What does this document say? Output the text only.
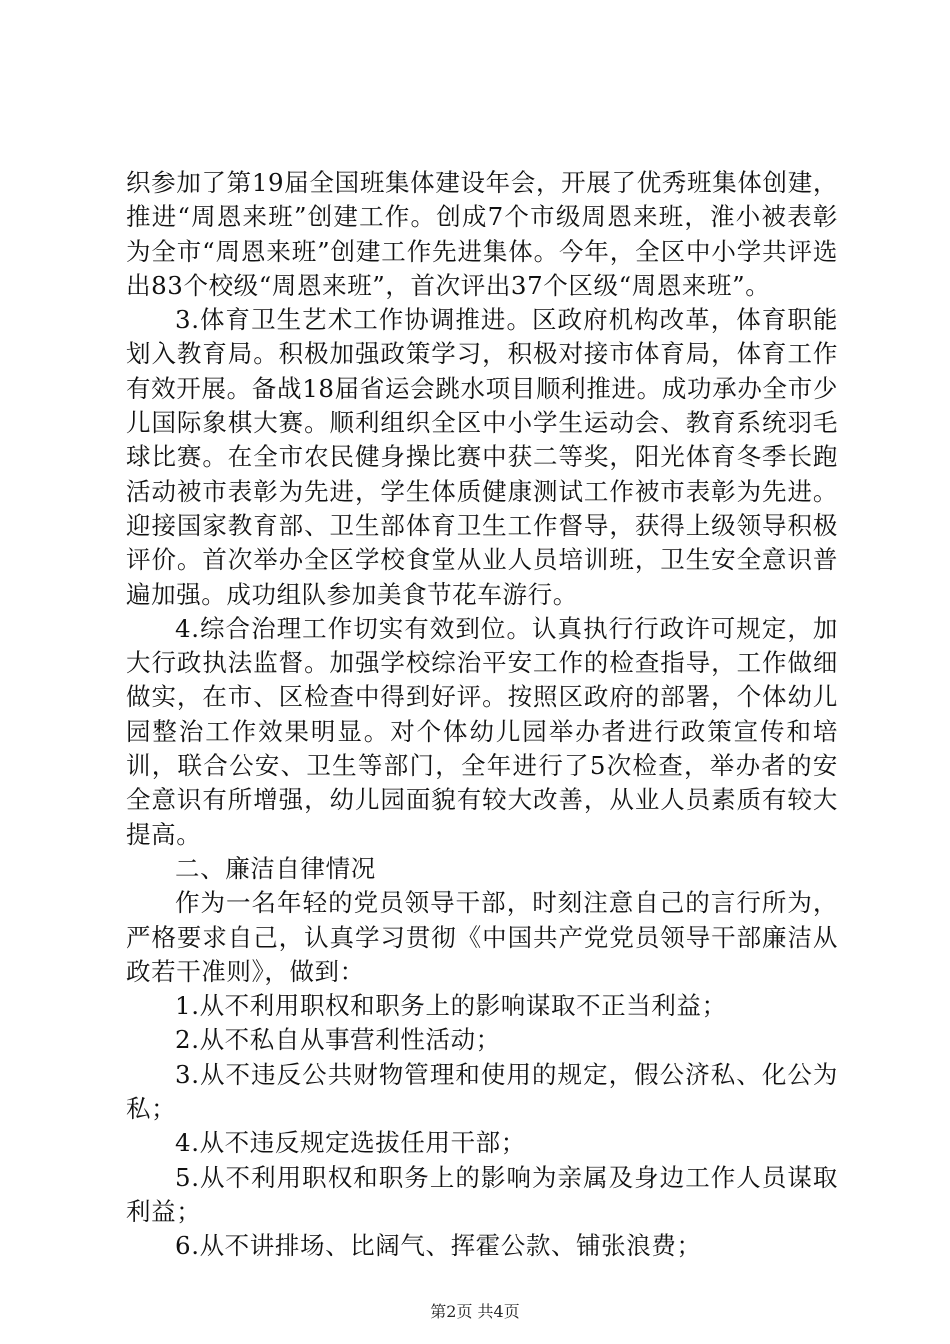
织参加了第19届全国班集体建设年会，开展了优秀班集体创建，推进“周恩来班”创建工作。创成7个市级周恩来班，淮小被表彰为全市“周恩来班”创建工作先进集体。今年，全区中小学共评选出83个校级“周恩来班”，首次评出37个区级“周恩来班”。

3.体育卫生艺术工作协调推进。区政府机构改革，体育职能划入教育局。积极加强政策学习，积极对接市体育局，体育工作有效开展。备战18届省运会跳水项目顺利推进。成功承办全市少儿国际象棋大赛。顺利组织全区中小学生运动会、教育系统羽毛球比赛。在全市农民健身操比赛中获二等奖，阳光体育冬季长跑活动被市表彰为先进，学生体质健康测试工作被市表彰为先进。迎接国家教育部、卫生部体育卫生工作督导，获得上级领导积极评价。首次举办全区学校食堂从业人员培训班，卫生安全意识普遍加强。成功组队参加美食节花车游行。

4.综合治理工作切实有效到位。认真执行行政许可规定，加大行政执法监督。加强学校综治平安工作的检查指导，工作做细做实，在市、区检查中得到好评。按照区政府的部署，个体幼儿园整治工作效果明显。对个体幼儿园举办者进行政策宣传和培训，联合公安、卫生等部门，全年进行了5次检查，举办者的安全意识有所增强，幼儿园面貌有较大改善，从业人员素质有较大提高。

二、廉洁自律情况

作为一名年轻的党员领导干部，时刻注意自己的言行所为，严格要求自己，认真学习贯彻《中国共产党党员领导干部廉洁从政若干准则》，做到：

1.从不利用职权和职务上的影响谋取不正当利益；

2.从不私自从事营利性活动；

3.从不违反公共财物管理和使用的规定，假公济私、化公为私；

4.从不违反规定选拔任用干部；

5.从不利用职权和职务上的影响为亲属及身边工作人员谋取利益；

6.从不讲排场、比阔气、挥霍公款、铺张浪费；

第2页 共4页
